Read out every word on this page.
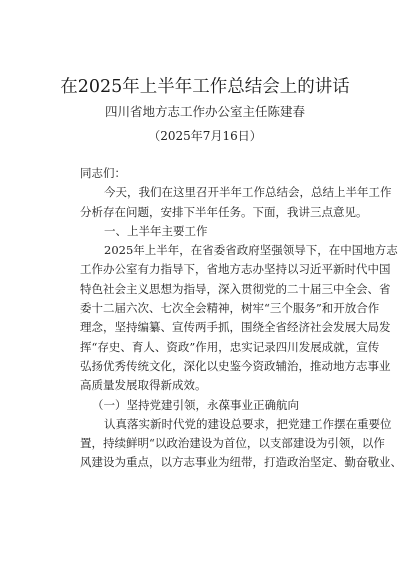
在2025年上半年工作总结会上的讲话
四川省地方志工作办公室主任陈建春
（2025年7月16日）
同志们：
今天，我们在这里召开半年工作总结会，总结上半年工作
分析存在问题，安排下半年任务。下面，我讲三点意见。
一、上半年主要工作
2025年上半年，在省委省政府坚强领导下，在中国地方志
工作办公室有力指导下，省地方志办坚持以习近平新时代中国
特色社会主义思想为指导，深入贯彻党的二十届三中全会、省
委十二届六次、七次全会精神，树牢“三个服务”和开放合作
理念，坚持编纂、宣传两手抓，围绕全省经济社会发展大局发
挥“存史、育人、资政”作用，忠实记录四川发展成就，宣传
弘扬优秀传统文化，深化以史鉴今资政辅治，推动地方志事业
高质量发展取得新成效。
（一）坚持党建引领，永葆事业正确航向
认真落实新时代党的建设总要求，把党建工作摆在重要位
置，持续鲜明“以政治建设为首位，以支部建设为引领，以作
风建设为重点，以方志事业为纽带，打造政治坚定、勤奋敬业、
